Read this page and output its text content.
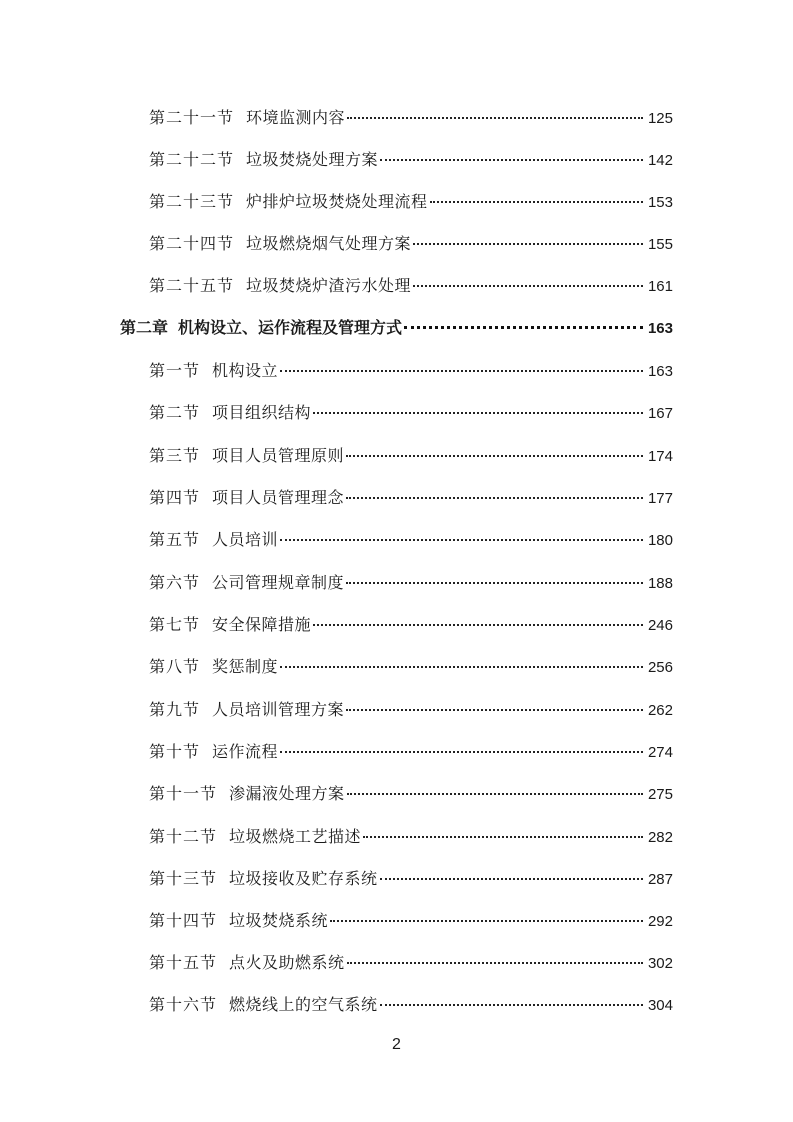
第二十一节 环境监测内容	125
第二十二节 垃圾焚烧处理方案	142
第二十三节 炉排炉垃圾焚烧处理流程	153
第二十四节 垃圾燃烧烟气处理方案	155
第二十五节 垃圾焚烧炉渣污水处理	161
第二章 机构设立、运作流程及管理方式	163
第一节 机构设立	163
第二节 项目组织结构	167
第三节 项目人员管理原则	174
第四节 项目人员管理理念	177
第五节 人员培训	180
第六节 公司管理规章制度	188
第七节 安全保障措施	246
第八节 奖惩制度	256
第九节 人员培训管理方案	262
第十节 运作流程	274
第十一节 渗漏液处理方案	275
第十二节 垃圾燃烧工艺描述	282
第十三节 垃圾接收及贮存系统	287
第十四节 垃圾焚烧系统	292
第十五节 点火及助燃系统	302
第十六节 燃烧线上的空气系统	304
2
